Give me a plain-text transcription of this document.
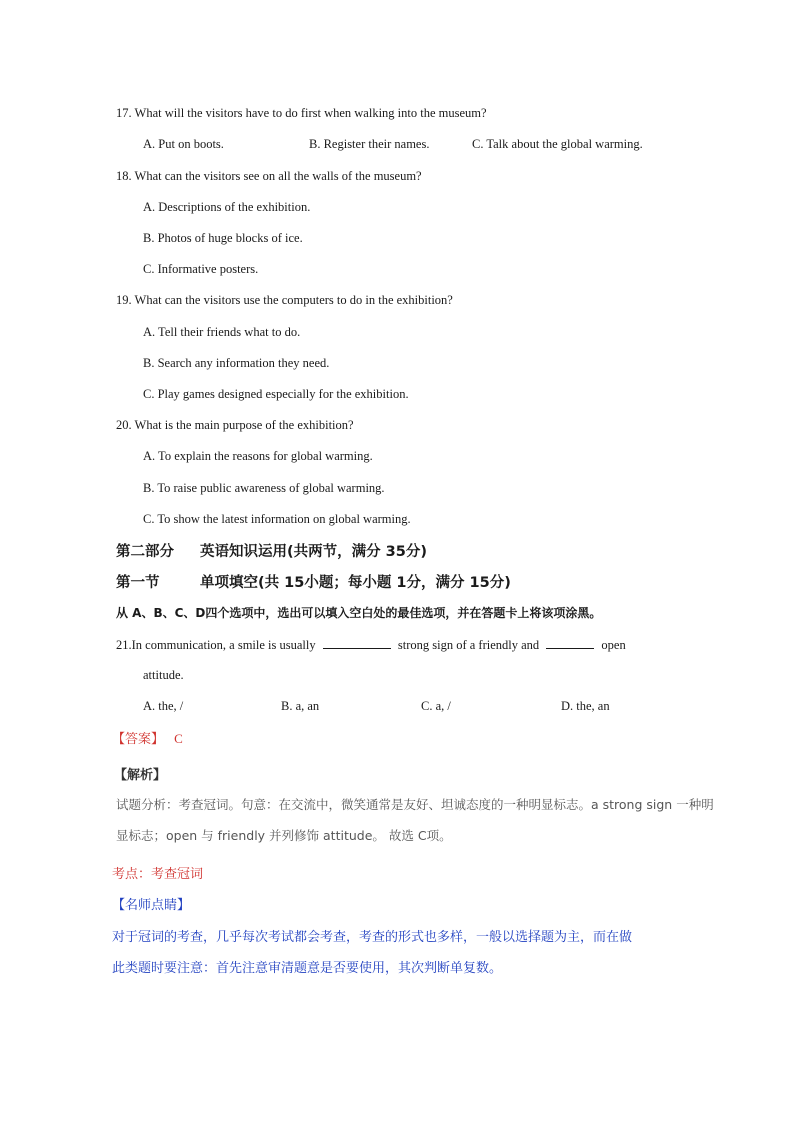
17. What will the visitors have to do first when walking into the museum?
A. Put on boots.	B. Register their names.	C. Talk about the global warming.
18. What can the visitors see on all the walls of the museum?
A. Descriptions of the exhibition.
B. Photos of huge blocks of ice.
C. Informative posters.
19. What can the visitors use the computers to do in the exhibition?
A. Tell their friends what to do.
B. Search any information they need.
C. Play games designed especially for the exhibition.
20. What is the main purpose of the exhibition?
A. To explain the reasons for global warming.
B. To raise public awareness of global warming.
C. To show the latest information on global warming.
第二部分 英语知识运用(共两节，满分 35分)
第一节	单项填空(共 15小题；每小题 1分，满分 15分)
从 A、B、C、D四个选项中，选出可以填入空白处的最佳选项，并在答题卡上将该项涂黑。
21.In communication, a smile is usually	strong sign of a friendly and	open
attitude.
A. the, /	B. a, an	C. a, /	D. the, an
【答案】 C
【解析】
试题分析：考查冠词。句意：在交流中，微笑通常是友好、坦诚态度的一种明显标志。a strong sign 一种明
显标志；open 与 friendly 并列修饰 attitude。 故选 C项。
考点：考查冠词
【名师点睛】
对于冠词的考查，几乎每次考试都会考查，考查的形式也多样，一般以选择题为主，而在做
此类题时要注意：首先注意审清题意是否要使用，其次判断单复数。
